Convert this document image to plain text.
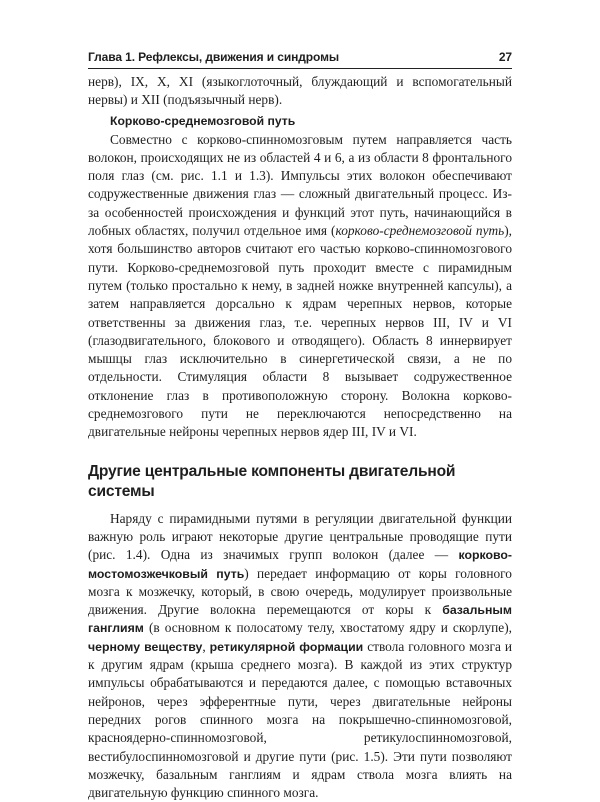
Глава 1. Рефлексы, движения и синдромы	27

нерв), IX, X, XI (языкоглоточный, блуждающий и вспомогательный нервы) и XII (подъязычный нерв).

Корково-среднемозговой путь

Совместно с корково-спинномозговым путем направляется часть волокон, происходящих не из областей 4 и 6, а из области 8 фронтального поля глаз (см. рис. 1.1 и 1.3). Импульсы этих волокон обеспечивают содружественные движения глаз — сложный двигательный процесс. Из-за особенностей происхождения и функций этот путь, начинающийся в лобных областях, получил отдельное имя (корково-среднемозговой путь), хотя большинство авторов считают его частью корково-спинномозгового пути. Корково-среднемозговой путь проходит вместе с пирамидным путем (только простально к нему, в задней ножке внутренней капсулы), а затем направляется дорсально к ядрам черепных нервов, которые ответственны за движения глаз, т.е. черепных нервов III, IV и VI (глазодвигательного, блокового и отводящего). Область 8 иннервирует мышцы глаз исключительно в синергетической связи, а не по отдельности. Стимуляция области 8 вызывает содружественное отклонение глаз в противоположную сторону. Волокна корково-среднемозгового пути не переключаются непосредственно на двигательные нейроны черепных нервов ядер III, IV и VI.

Другие центральные компоненты двигательной системы

Наряду с пирамидными путями в регуляции двигательной функции важную роль играют некоторые другие центральные проводящие пути (рис. 1.4). Одна из значимых групп волокон (далее — корково-мостомозжечковый путь) передает информацию от коры головного мозга к мозжечку, который, в свою очередь, модулирует произвольные движения. Другие волокна перемещаются от коры к базальным ганглиям (в основном к полосатому телу, хвостатому ядру и скорлупе), черному веществу, ретикулярной формации ствола головного мозга и к другим ядрам (крыша среднего мозга). В каждой из этих структур импульсы обрабатываются и передаются далее, с помощью вставочных нейронов, через эфферентные пути, через двигательные нейроны передних рогов спинного мозга на покрышечно-спинномозговой, красноядерно-спинномозговой, ретикулоспинномозговой, вестибулоспинномозговой и другие пути (рис. 1.5). Эти пути позволяют мозжечку, базальным ганглиям и ядрам ствола мозга влиять на двигательную функцию спинного мозга.
